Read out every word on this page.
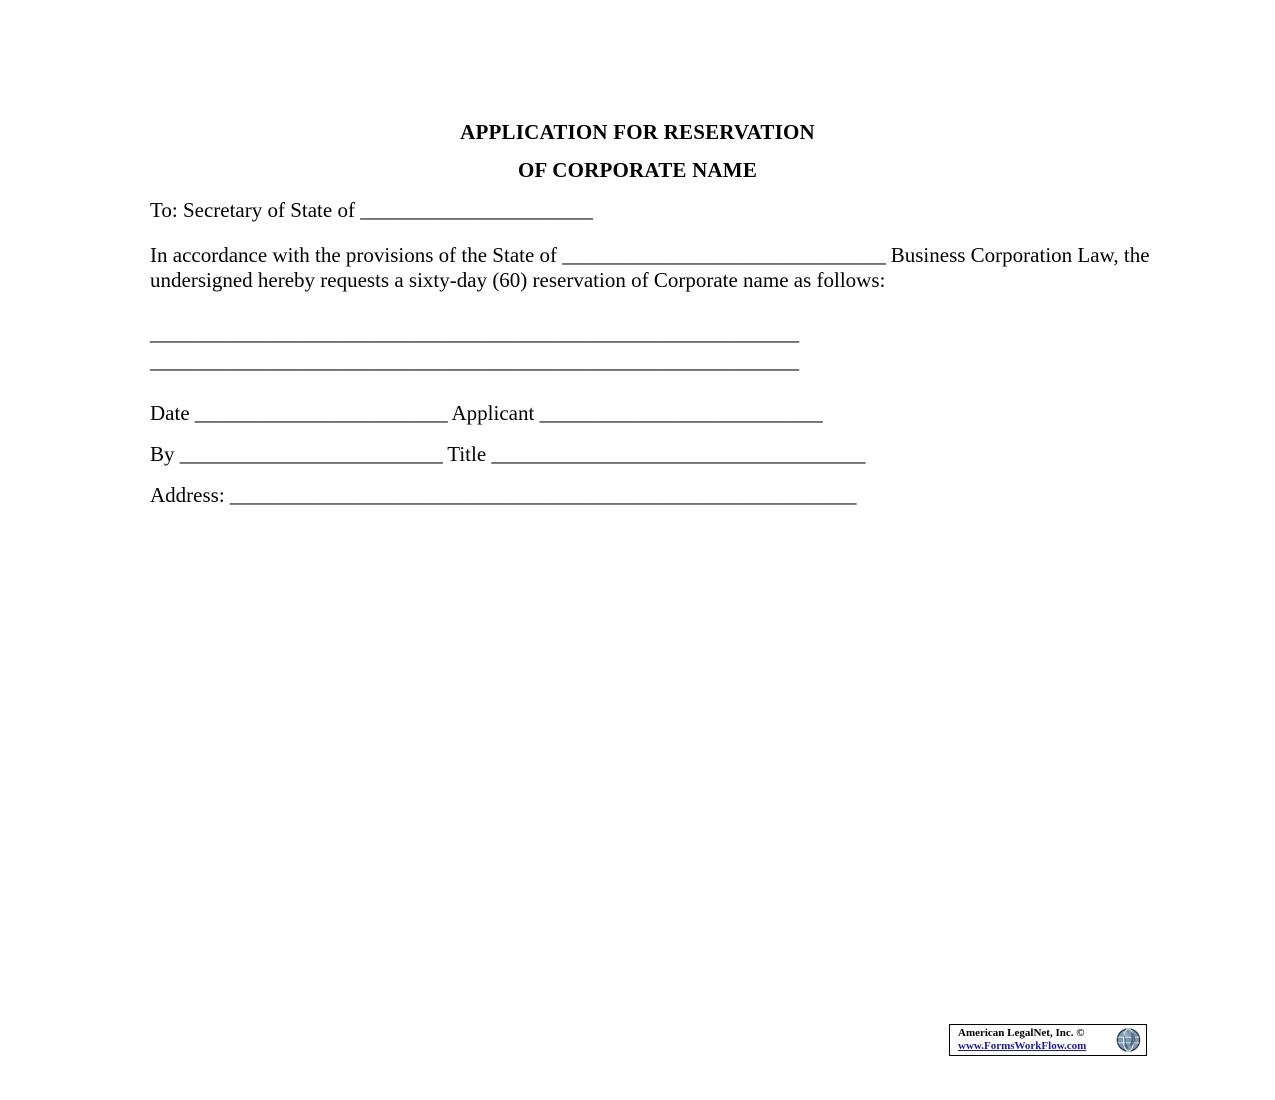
APPLICATION FOR RESERVATION
OF CORPORATE NAME

To: Secretary of State of _______________________

In accordance with the provisions of the State of ________________________________ Business Corporation Law, the undersigned hereby requests a sixty-day (60) reservation of Corporate name as follows:

_______________________________________________________________

_______________________________________________________________

Date _________________________ Applicant ____________________________

By __________________________ Title _____________________________________

Address: ______________________________________________________________

American LegalNet, Inc. ©
www.FormsWorkFlow.com
